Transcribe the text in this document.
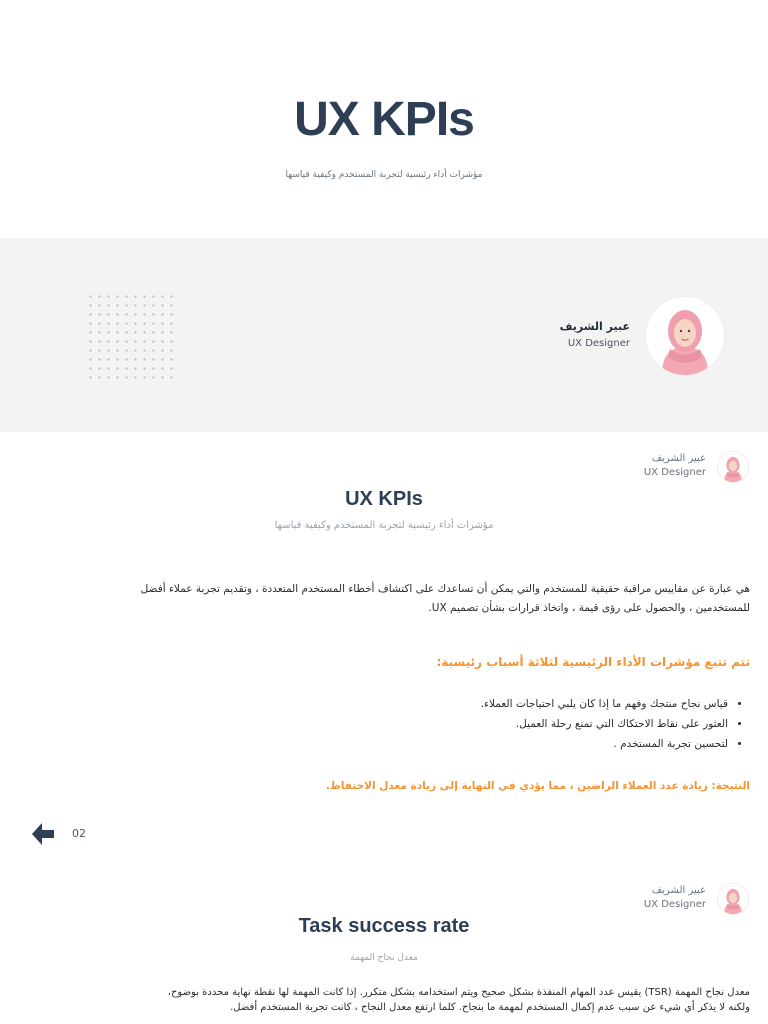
UX KPIs
مؤشرات أداء رئيسية لتجربة المستخدم وكيفية قياسها
عبير الشريف
UX Designer
عبير الشريف
UX Designer
UX KPIs
مؤشرات أداء رئيسية لتجربة المستخدم وكيفية قياسها
هي عبارة عن مقاييس مراقبة حقيقية للمستخدم والتي يمكن أن تساعدك على اكتشاف أخطاء المستخدم المتعددة ، وتقديم تجربة عملاء أفضل
للمستخدمين ، والحصول على رؤى قيمة ، واتخاذ قرارات بشأن تصميم UX.
تتم تتبع مؤشرات الأداء الرئيسية لثلاثة أسباب رئيسية:
• قياس نجاح منتجك وفهم ما إذا كان يلبي احتياجات العملاء.
• العثور على نقاط الاحتكاك التي تمنع رحلة العميل.
• لتحسين تجربة المستخدم .
النتيجة: زيادة عدد العملاء الراضين ، مما يؤدي في النهاية إلى زيادة معدل الاحتفاظ.
02
عبير الشريف
UX Designer
Task success rate
معدل نجاح المهمة
معدل نجاح المهمة (TSR) يقيس عدد المهام المنفذة بشكل صحيح ويتم استخدامه بشكل متكرر. إذا كانت المهمة لها نقطة نهاية محددة بوضوح،
ولكنه لا يذكر أي شيء عن سبب عدم إكمال المستخدم لمهمة ما بنجاح. كلما ارتفع معدل النجاح ، كانت تجربة المستخدم أفضل.
